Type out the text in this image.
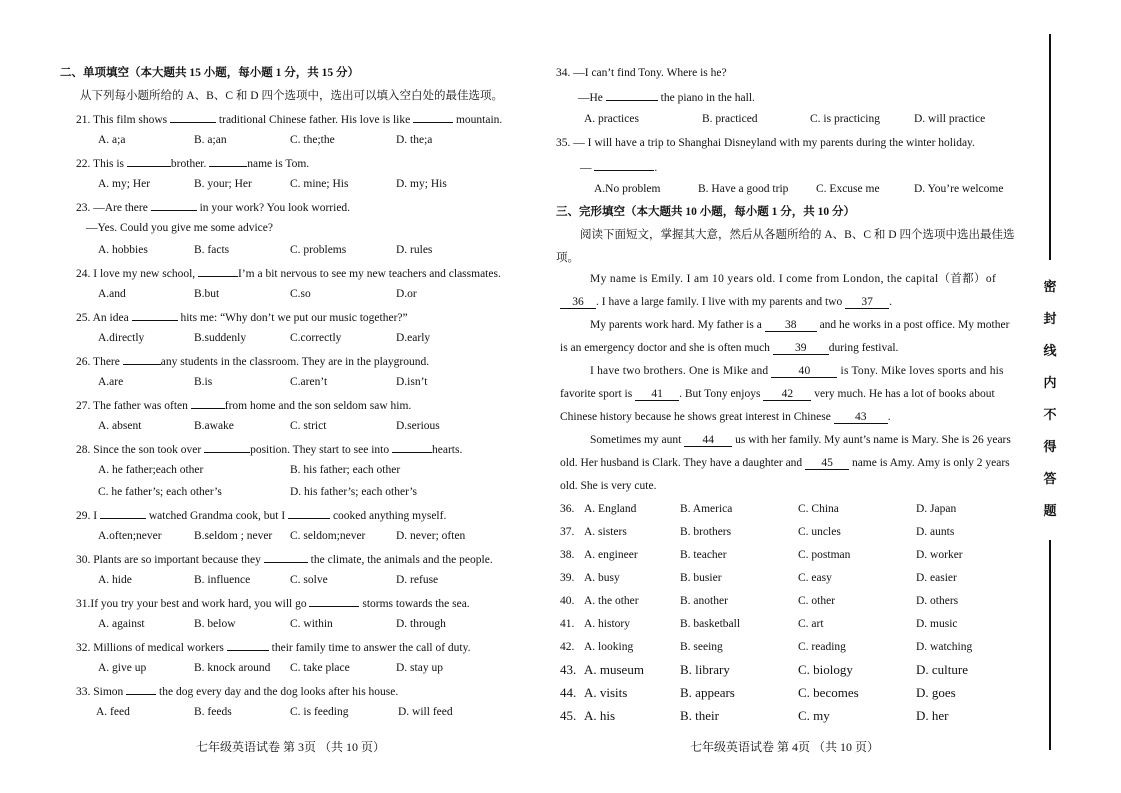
二、单项填空（本大题共 15 小题，每小题 1 分，共 15 分）
从下列每小题所给的 A、B、C 和 D 四个选项中，选出可以填入空白处的最佳选项。
21. This film shows	traditional Chinese father. His love is like	mountain.
A. a;a	B. a;an	C. the;the	D. the;a
22. This is	brother.	name is Tom.
A. my; Her	B. your; Her	C. mine; His	D. my; His
23. —Are there	in your work? You look worried.
—Yes. Could you give me some advice?
A. hobbies	B. facts	C. problems	D. rules
24. I love my new school,	I’m a bit nervous to see my new teachers and classmates.
A.and	B.but	C.so	D.or
25. An idea	hits me: “Why don’t we put our music together?”
A.directly	B.suddenly	C.correctly	D.early
26. There	any students in the classroom. They are in the playground.
A.are	B.is	C.aren’t	D.isn’t
27. The father was often	from home and the son seldom saw him.
A. absent	B.awake	C. strict	D.serious
28. Since the son took over	position. They start to see into	hearts.
A. he father;each other	B. his father; each other
C. he father’s; each other’s	D. his father’s; each other’s
29. I	watched Grandma cook, but I	cooked anything myself.
A.often;never	B.seldom ; never C. seldom;never	D. never; often
30. Plants are so important because they	the climate, the animals and the people.
A. hide	B. influence	C. solve	D. refuse
31.If you try your best and work hard, you will go	storms towards the sea.
A. against	B. below	C. within	D. through
32. Millions of medical workers	their family time to answer the call of duty.
A. give up	B. knock around C. take place	D. stay up
33. Simon	the dog every day and the dog looks after his house.
A. feed	B. feeds	C. is feeding	D. will feed
七年级英语试卷 第 3页 （共 10 页）
34. —I can’t find Tony. Where is he?
—He	the piano in the hall.
A. practices	B. practiced	C. is practicing	D. will practice
35. — I will have a trip to Shanghai Disneyland with my parents during the winter holiday.
—	.
A.No problem	B. Have a good trip C. Excuse me	D. You’re welcome
三、完形填空（本大题共 10 小题，每小题 1 分，共 10 分）
阅读下面短文，掌握其大意，然后从各题所给的 A、B、C 和 D 四个选项中选出最佳选
项。
My name is Emily. I am 10 years old. I come from London, the capital（首都）of
36 . I have a large family. I live with my parents and two 37 .
My parents work hard. My father is a 38 and he works in a post office. My mother
is an emergency doctor and she is often much 39 during festival.
I have two brothers. One is Mike and	40	is Tony. Mike loves sports and his
favorite sport is 41 . But Tony enjoys 42 very much. He has a lot of books about
Chinese history because he shows great interest in Chinese 43 .
Sometimes my aunt 44 us with her family. My aunt’s name is Mary. She is 26 years
old. Her husband is Clark. They have a daughter and 45 name is Amy. Amy is only 2 years
old. She is very cute.
36. A. England	B. America	C. China	D. Japan
37. A. sisters	B. brothers	C. uncles	D. aunts
38. A. engineer	B. teacher	C. postman	D. worker
39. A. busy	B. busier	C. easy	D. easier
40. A. the other	B. another	C. other	D. others
41. A. history	B. basketball	C. art	D. music
42. A. looking	B. seeing	C. reading	D. watching
43. A. museum	B. library	C. biology	D. culture
44. A. visits	B. appears	C. becomes	D. goes
45. A. his	B. their	C. my	D. her
七年级英语试卷 第 4页 （共 10 页）
密
封
线
内
不
得
答
题
